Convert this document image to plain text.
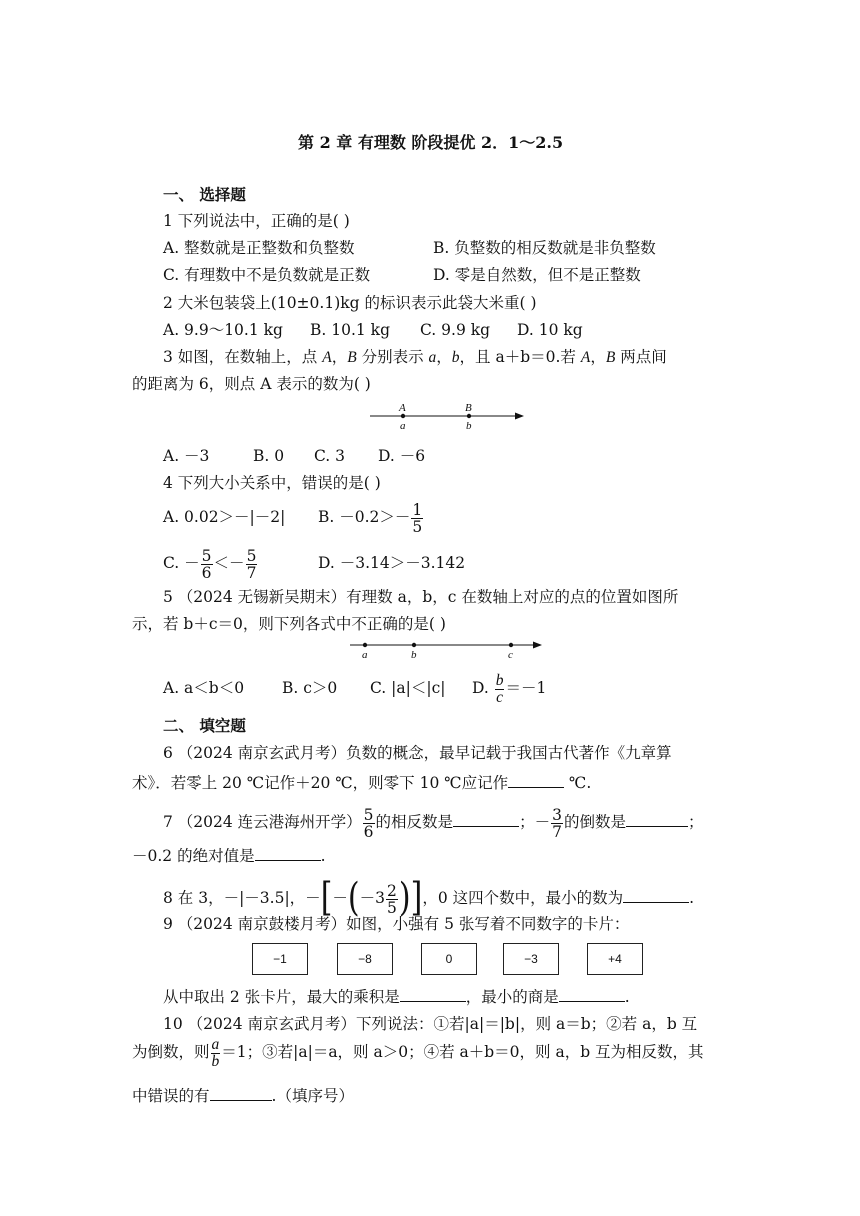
第 2 章 有理数 阶段提优 2．1～2.5
一、 选择题
1 下列说法中，正确的是( )
A. 整数就是正整数和负整数	B. 负整数的相反数就是非负整数
C. 有理数中不是负数就是正数	D. 零是自然数，但不是正整数
2 大米包装袋上(10±0.1)kg 的标识表示此袋大米重( )
A. 9.9～10.1 kg B. 10.1 kg C. 9.9 kg D. 10 kg
3 如图，在数轴上，点 A，B 分别表示 a，b，且 a＋b＝0.若 A，B 两点间
的距离为 6，则点 A 表示的数为( )
A	B
a	b
A. －3	B. 0 C. 3 D. －6
4 下列大小关系中，错误的是( )
A. 0.02＞－|－2| B. $-0.2>- \frac{1}{5}$
C. － $\frac{5}{6} <- \frac{5}{7}$	D. －3.14＞－3.142
5 （2024 无锡新吴期末）有理数 a，b，c 在数轴上对应的点的位置如图所
示，若 b＋c＝0，则下列各式中不正确的是( )
a	b	c
A. a＜b＜0 B. c＞0 C. |a|＜|c| D. $\frac{b}{c} =-1$
二、 填空题
6 （2024 南京玄武月考）负数的概念，最早记载于我国古代著作《九章算
术》．若零上 20 ℃记作＋20 ℃，则零下 10 ℃应记作	℃.
7 （2024 连云港海州开学） $\frac{5}{6}$ 的相反数是	；－ $\frac{3}{7}$ 的倒数是	；
－0.2 的绝对值是	.
8 在 3，－|－3.5|，$-[-(-3 \frac{2}{5}$ )]，0 这四个数中，最小的数为	.
9 （2024 南京鼓楼月考）如图，小强有 5 张写着不同数字的卡片：
−1	−8	0	−3	+4
从中取出 2 张卡片，最大的乘积是	，最小的商是	.
10 （2024 南京玄武月考）下列说法：①若|a|＝|b|，则 a＝b；②若 a，b 互
为倒数，则 $\frac{a}{b} =1$；③若|a|＝a，则 a＞0；④若 a＋b＝0，则 a，b 互为相反数，其
中错误的有	.（填序号）
